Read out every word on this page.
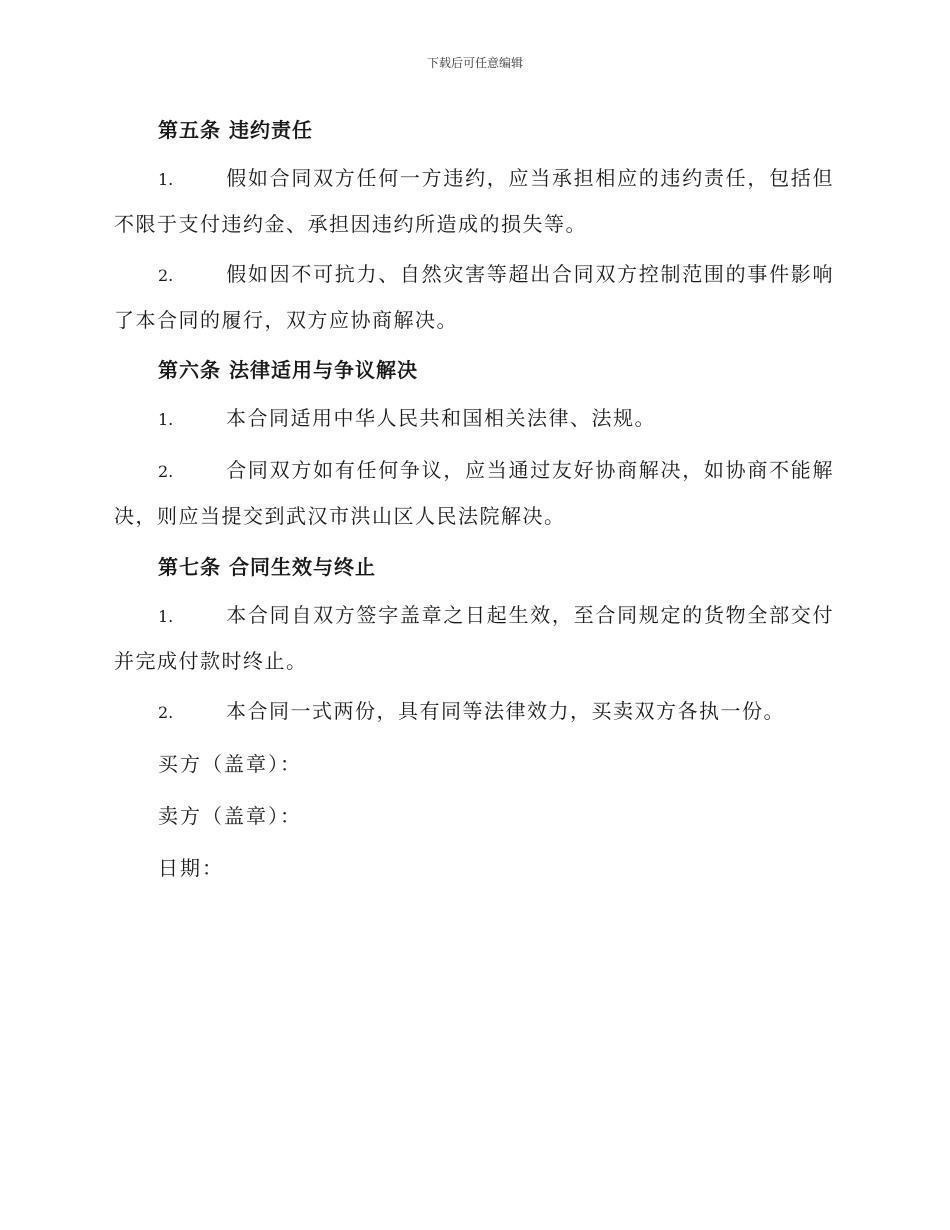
下载后可任意编辑
第五条 违约责任
1.	假如合同双方任何一方违约，应当承担相应的违约责任，包括但
不限于支付违约金、承担因违约所造成的损失等。
2.	假如因不可抗力、自然灾害等超出合同双方控制范围的事件影响
了本合同的履行，双方应协商解决。
第六条 法律适用与争议解决
1.	本合同适用中华人民共和国相关法律、法规。
2.	合同双方如有任何争议，应当通过友好协商解决，如协商不能解
决，则应当提交到武汉市洪山区人民法院解决。
第七条 合同生效与终止
1.	本合同自双方签字盖章之日起生效，至合同规定的货物全部交付
并完成付款时终止。
2.	本合同一式两份，具有同等法律效力，买卖双方各执一份。
买方（盖章）：
卖方（盖章）：
日期：
